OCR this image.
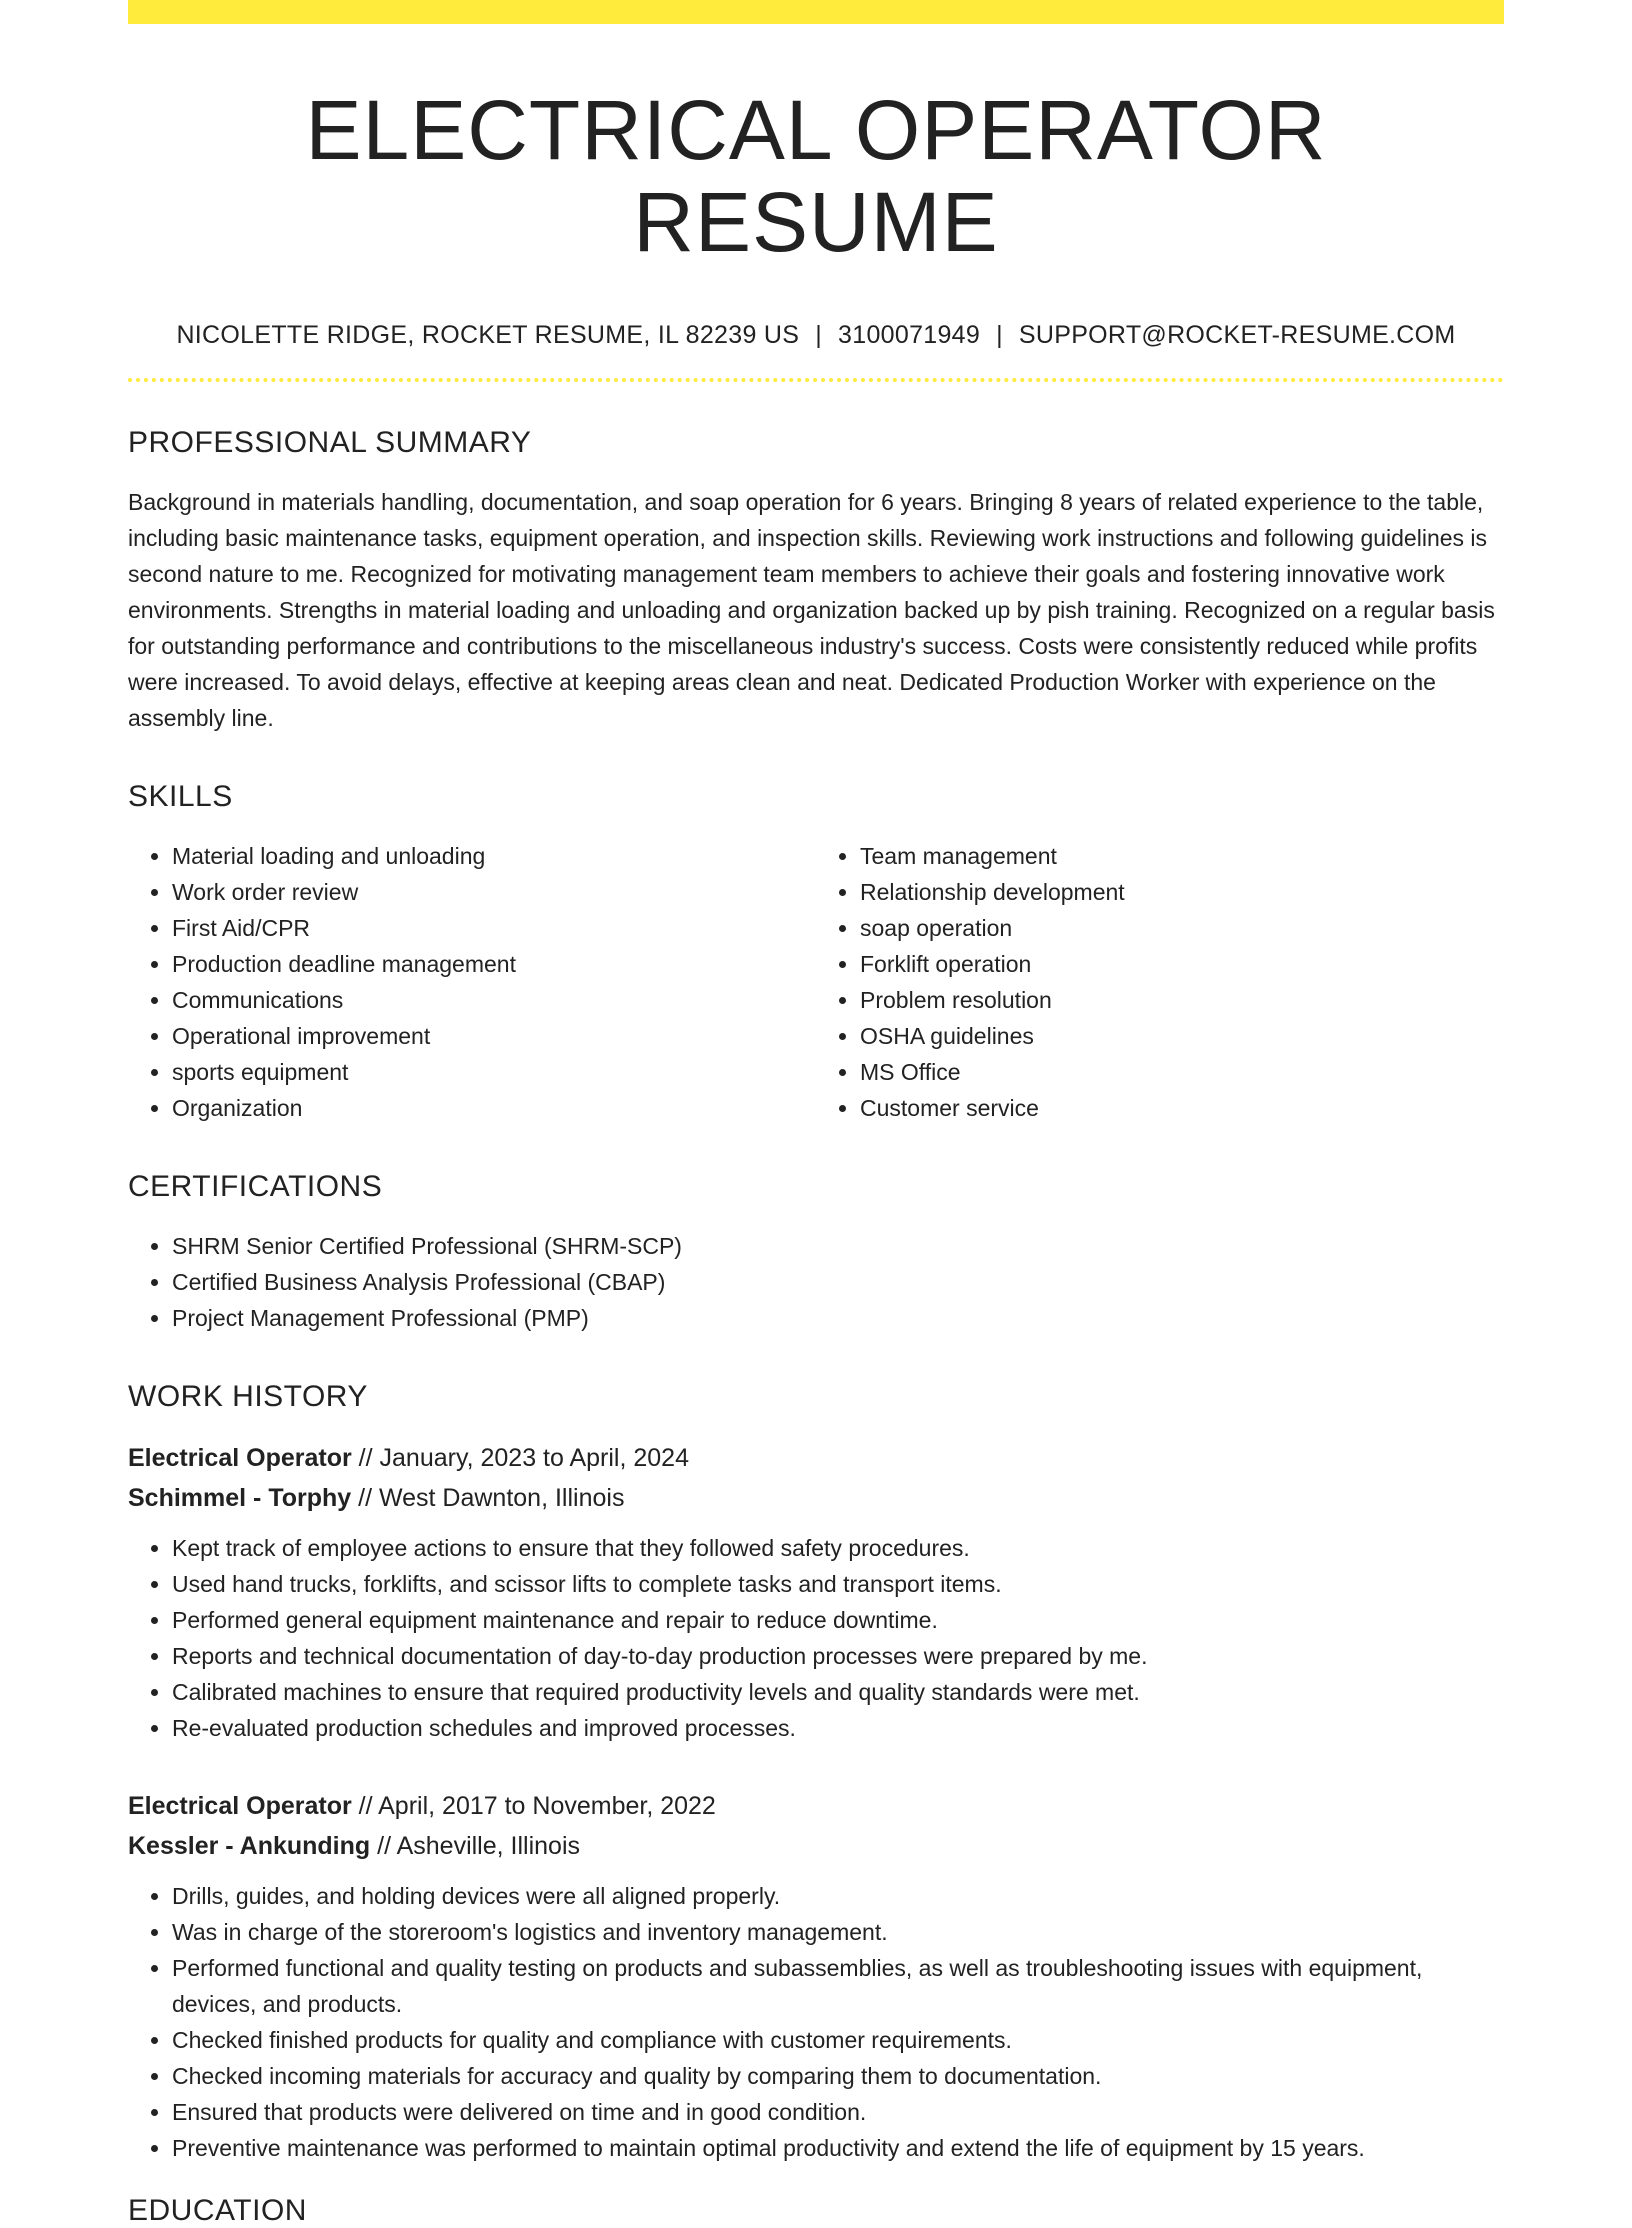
ELECTRICAL OPERATOR RESUME
NICOLETTE RIDGE, ROCKET RESUME, IL 82239 US | 3100071949 | SUPPORT@ROCKET-RESUME.COM
PROFESSIONAL SUMMARY

Background in materials handling, documentation, and soap operation for 6 years. Bringing 8 years of related experience to the table, including basic maintenance tasks, equipment operation, and inspection skills. Reviewing work instructions and following guidelines is second nature to me. Recognized for motivating management team members to achieve their goals and fostering innovative work environments. Strengths in material loading and unloading and organization backed up by pish training. Recognized on a regular basis for outstanding performance and contributions to the miscellaneous industry's success. Costs were consistently reduced while profits were increased. To avoid delays, effective at keeping areas clean and neat. Dedicated Production Worker with experience on the assembly line.

SKILLS
• Material loading and unloading
• Work order review
• First Aid/CPR
• Production deadline management
• Communications
• Operational improvement
• sports equipment
• Organization
• Team management
• Relationship development
• soap operation
• Forklift operation
• Problem resolution
• OSHA guidelines
• MS Office
• Customer service
CERTIFICATIONS
• SHRM Senior Certified Professional (SHRM-SCP)
• Certified Business Analysis Professional (CBAP)
• Project Management Professional (PMP)
WORK HISTORY
Electrical Operator // January, 2023 to April, 2024
Schimmel - Torphy // West Dawnton, Illinois
• Kept track of employee actions to ensure that they followed safety procedures.
• Used hand trucks, forklifts, and scissor lifts to complete tasks and transport items.
• Performed general equipment maintenance and repair to reduce downtime.
• Reports and technical documentation of day-to-day production processes were prepared by me.
• Calibrated machines to ensure that required productivity levels and quality standards were met.
• Re-evaluated production schedules and improved processes.
Electrical Operator // April, 2017 to November, 2022
Kessler - Ankunding // Asheville, Illinois
• Drills, guides, and holding devices were all aligned properly.
• Was in charge of the storeroom's logistics and inventory management.
• Performed functional and quality testing on products and subassemblies, as well as troubleshooting issues with equipment, devices, and products.
• Checked finished products for quality and compliance with customer requirements.
• Checked incoming materials for accuracy and quality by comparing them to documentation.
• Ensured that products were delivered on time and in good condition.
• Preventive maintenance was performed to maintain optimal productivity and extend the life of equipment by 15 years.
EDUCATION
